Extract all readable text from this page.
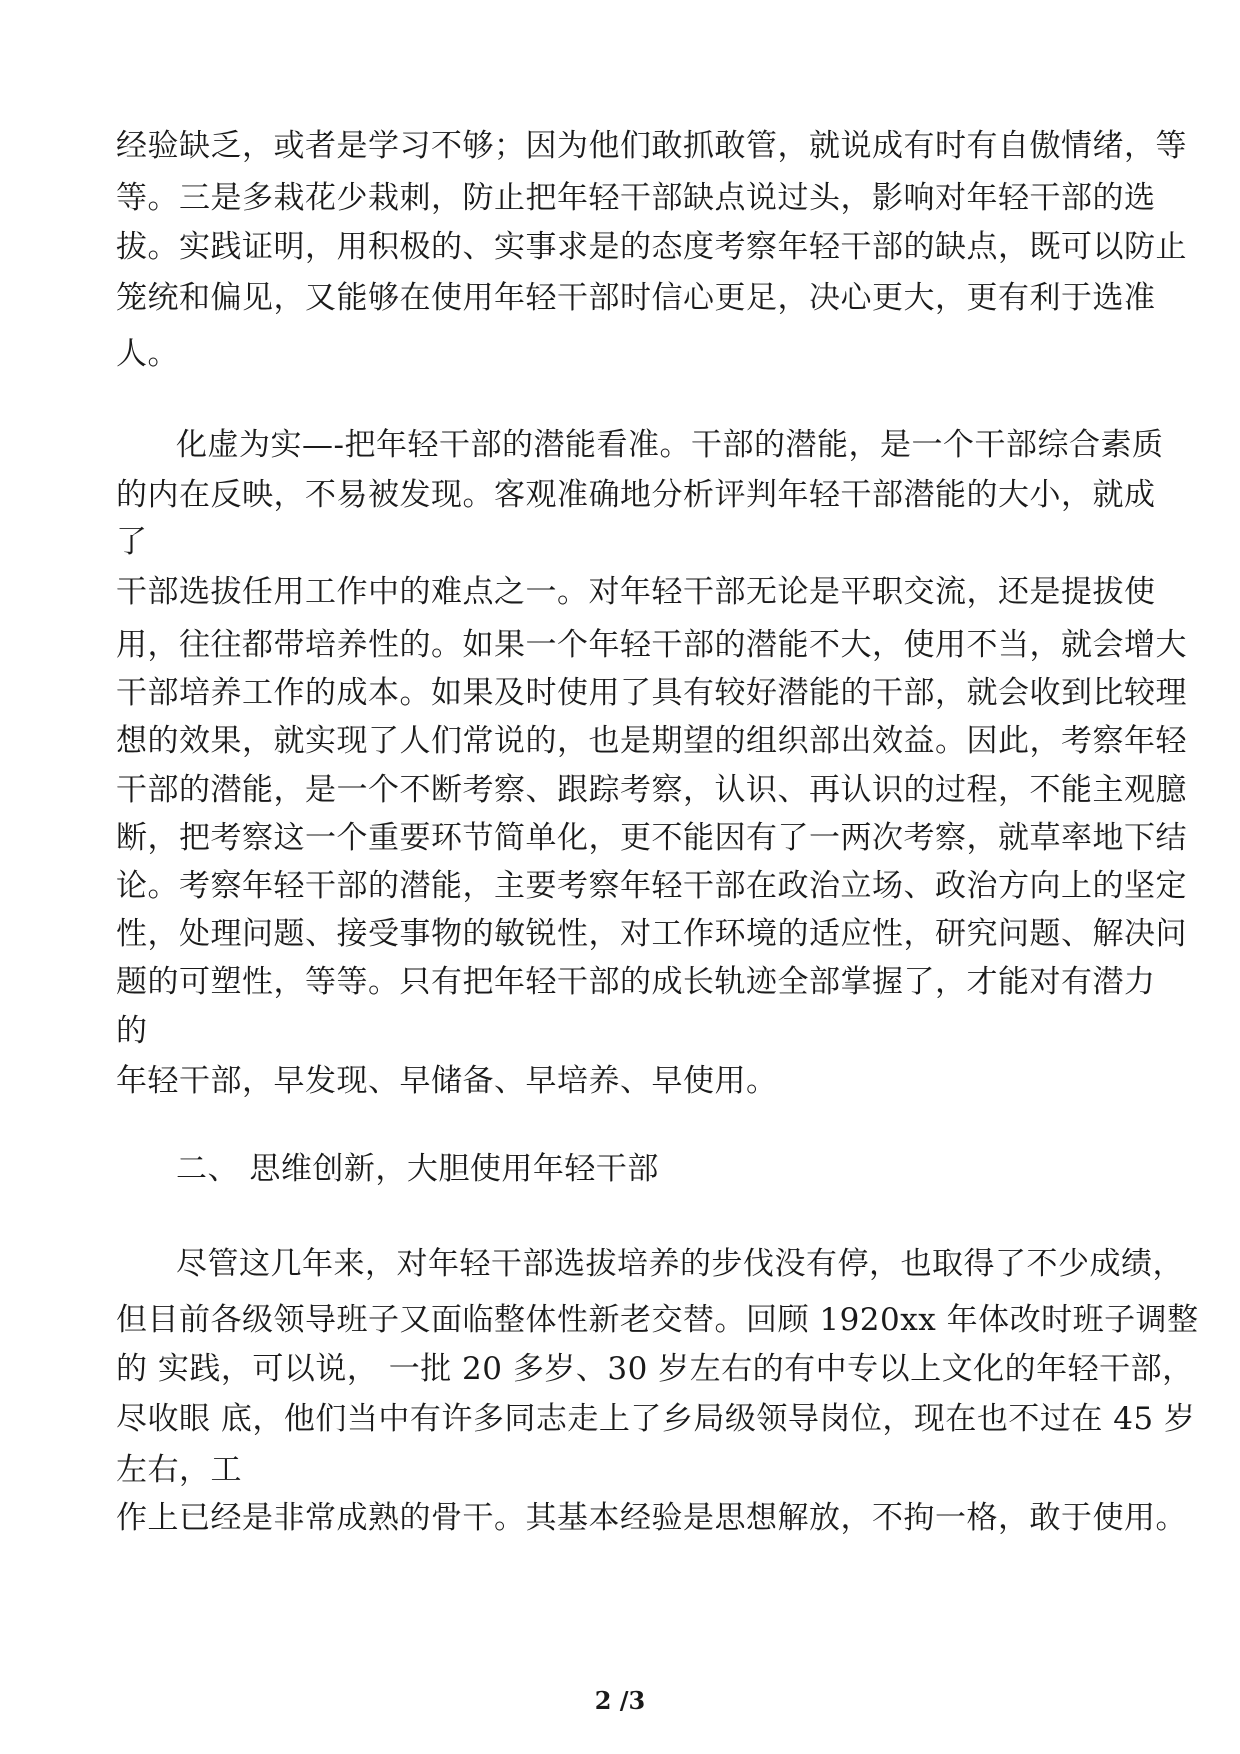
经验缺乏，或者是学习不够；因为他们敢抓敢管，就说成有时有自傲情绪，等
等。三是多栽花少栽刺，防止把年轻干部缺点说过头，影响对年轻干部的选
拔。实践证明，用积极的、实事求是的态度考察年轻干部的缺点，既可以防止
笼统和偏见，又能够在使用年轻干部时信心更足，决心更大，更有利于选准
人。
化虚为实—-把年轻干部的潜能看准。干部的潜能，是一个干部综合素质
的内在反映，不易被发现。客观准确地分析评判年轻干部潜能的大小，就成
了
干部选拔任用工作中的难点之一。对年轻干部无论是平职交流，还是提拔使
用，往往都带培养性的。如果一个年轻干部的潜能不大，使用不当，就会增大
干部培养工作的成本。如果及时使用了具有较好潜能的干部，就会收到比较理
想的效果，就实现了人们常说的，也是期望的组织部出效益。因此，考察年轻
干部的潜能，是一个不断考察、跟踪考察，认识、再认识的过程，不能主观臆
断，把考察这一个重要环节简单化，更不能因有了一两次考察，就草率地下结
论。考察年轻干部的潜能，主要考察年轻干部在政治立场、政治方向上的坚定
性，处理问题、接受事物的敏锐性，对工作环境的适应性，研究问题、解决问
题的可塑性，等等。只有把年轻干部的成长轨迹全部掌握了，才能对有潜力
的
年轻干部，早发现、早储备、早培养、早使用。
二、 思维创新，大胆使用年轻干部
尽管这几年来，对年轻干部选拔培养的步伐没有停，也取得了不少成绩，
但目前各级领导班子又面临整体性新老交替。回顾 1920xx 年体改时班子调整
的 实践，可以说， 一批 20 多岁、30 岁左右的有中专以上文化的年轻干部，
尽收眼 底，他们当中有许多同志走上了乡局级领导岗位，现在也不过在 45 岁
左右，工
作上已经是非常成熟的骨干。其基本经验是思想解放，不拘一格，敢于使用。
2 /3
